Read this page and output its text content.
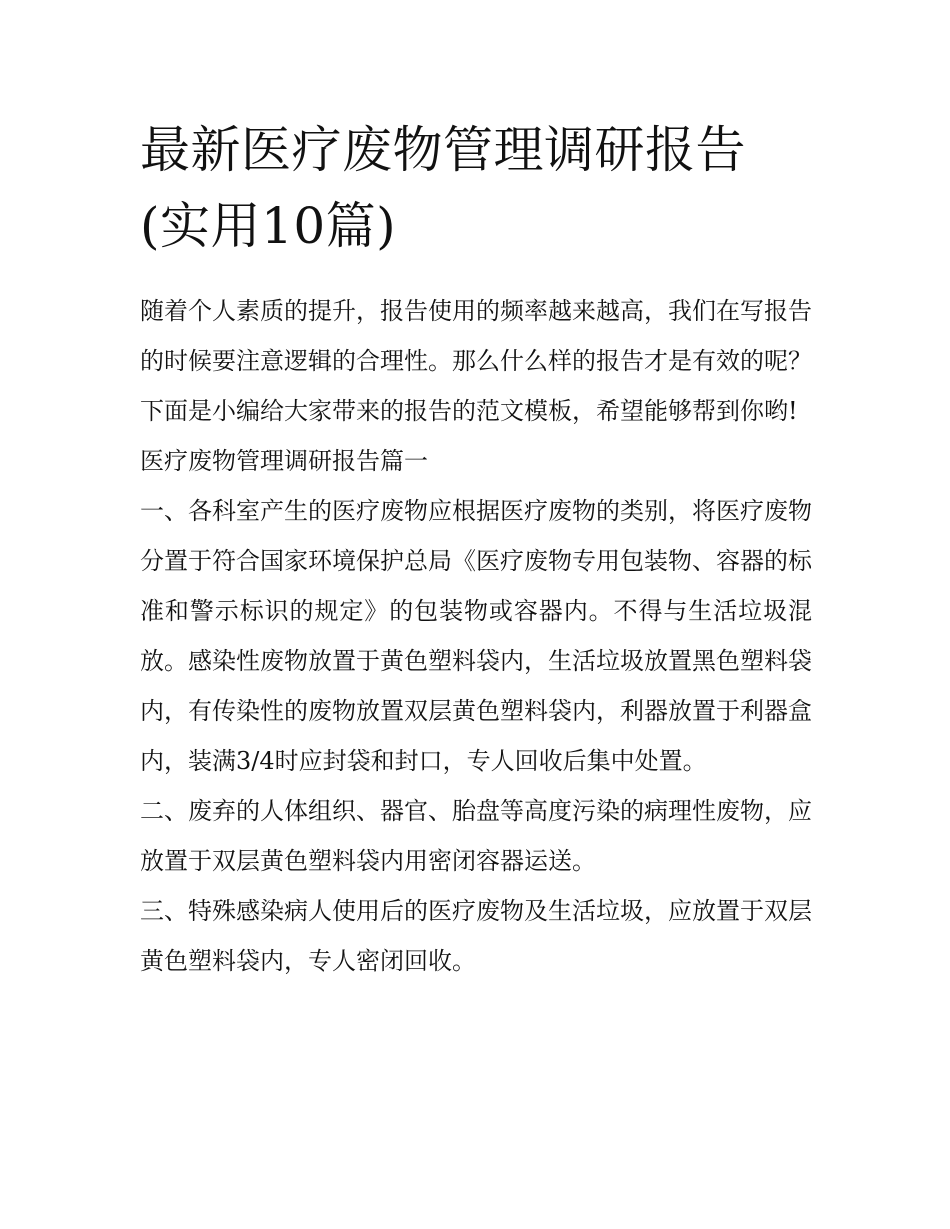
最新医疗废物管理调研报告(实用10篇)

随着个人素质的提升，报告使用的频率越来越高，我们在写报告的时候要注意逻辑的合理性。那么什么样的报告才是有效的呢？下面是小编给大家带来的报告的范文模板，希望能够帮到你哟!

医疗废物管理调研报告篇一

一、各科室产生的医疗废物应根据医疗废物的类别，将医疗废物分置于符合国家环境保护总局《医疗废物专用包装物、容器的标准和警示标识的规定》的包装物或容器内。不得与生活垃圾混放。感染性废物放置于黄色塑料袋内，生活垃圾放置黑色塑料袋内，有传染性的废物放置双层黄色塑料袋内，利器放置于利器盒内，装满3/4时应封袋和封口，专人回收后集中处置。

二、废弃的人体组织、器官、胎盘等高度污染的病理性废物，应放置于双层黄色塑料袋内用密闭容器运送。

三、特殊感染病人使用后的医疗废物及生活垃圾，应放置于双层黄色塑料袋内，专人密闭回收。
